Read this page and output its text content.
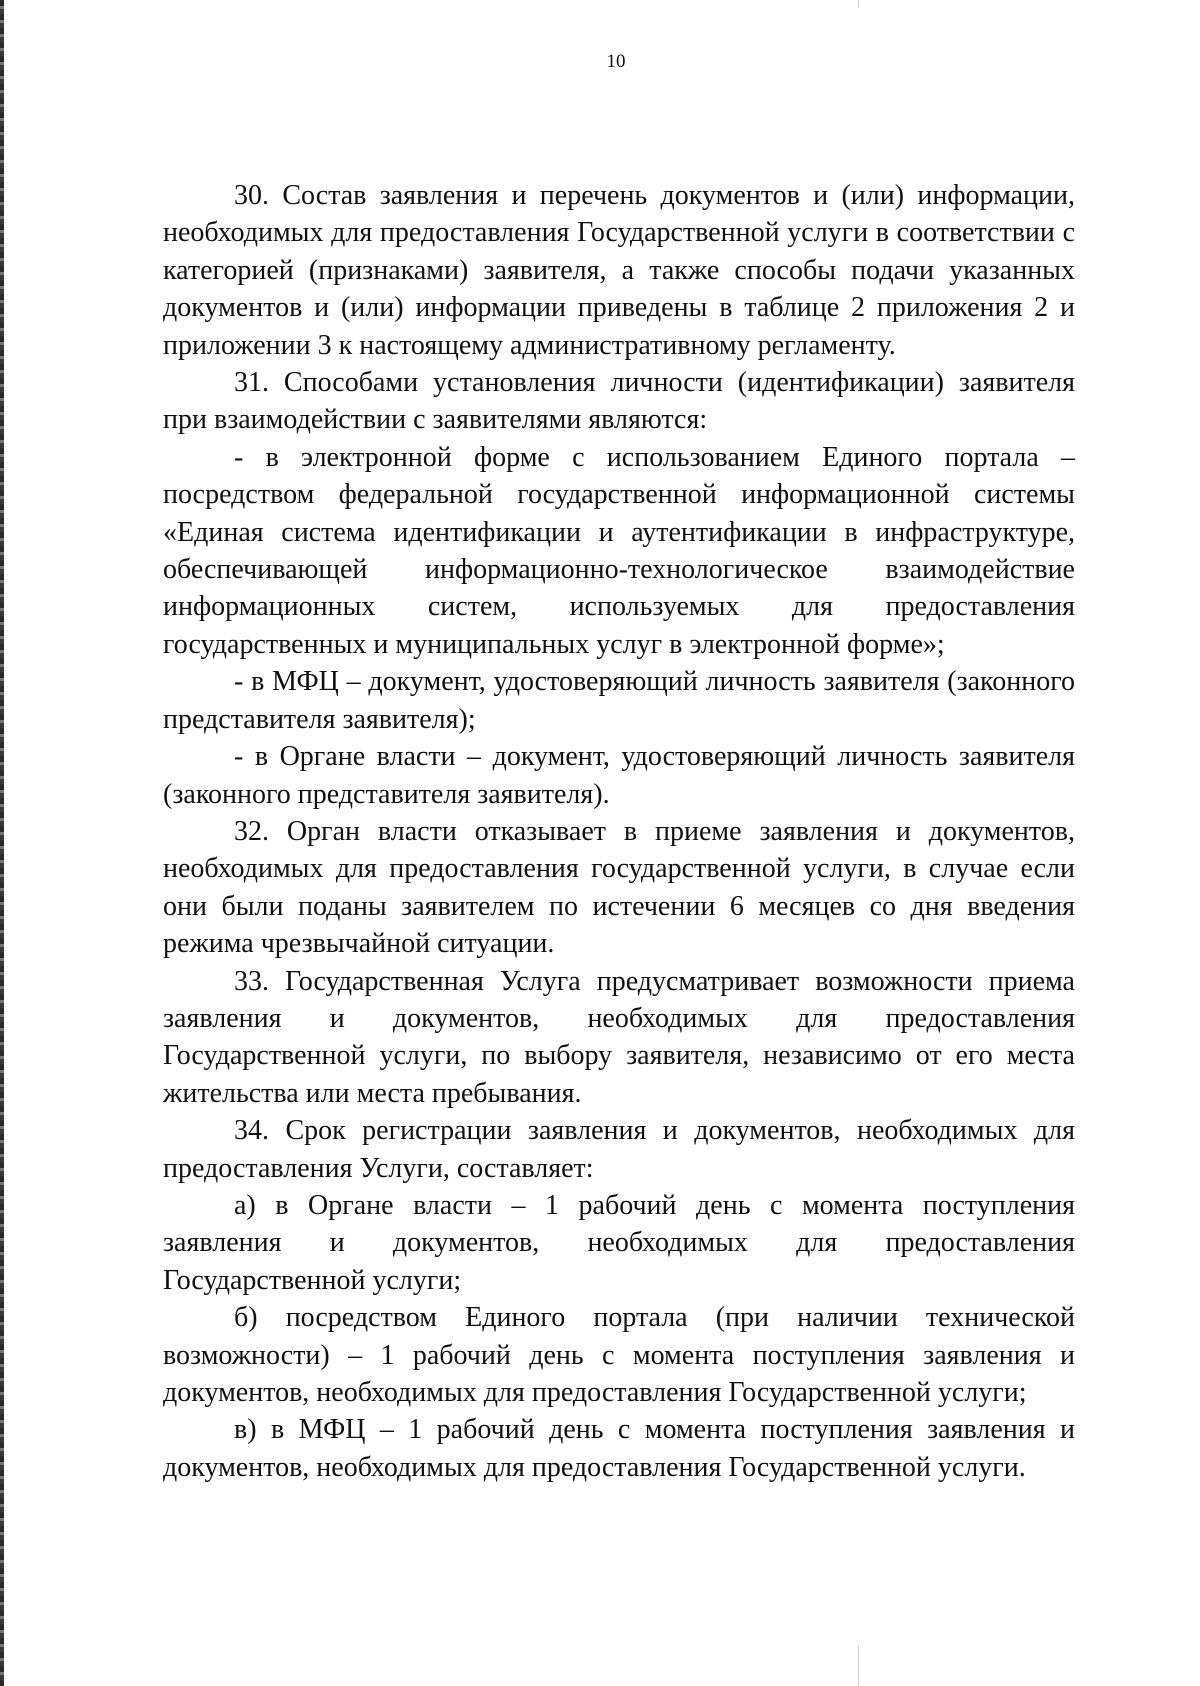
10

30. Состав заявления и перечень документов и (или) информации, необходимых для предоставления Государственной услуги в соответствии с категорией (признаками) заявителя, а также способы подачи указанных документов и (или) информации приведены в таблице 2 приложения 2 и приложении 3 к настоящему административному регламенту.

31. Способами установления личности (идентификации) заявителя при взаимодействии с заявителями являются:

- в электронной форме с использованием Единого портала – посредством федеральной государственной информационной системы «Единая система идентификации и аутентификации в инфраструктуре, обеспечивающей информационно-технологическое взаимодействие информационных систем, используемых для предоставления государственных и муниципальных услуг в электронной форме»;

- в МФЦ – документ, удостоверяющий личность заявителя (законного представителя заявителя);

- в Органе власти – документ, удостоверяющий личность заявителя (законного представителя заявителя).

32. Орган власти отказывает в приеме заявления и документов, необходимых для предоставления государственной услуги, в случае если они были поданы заявителем по истечении 6 месяцев со дня введения режима чрезвычайной ситуации.

33. Государственная Услуга предусматривает возможности приема заявления и документов, необходимых для предоставления Государственной услуги, по выбору заявителя, независимо от его места жительства или места пребывания.

34. Срок регистрации заявления и документов, необходимых для предоставления Услуги, составляет:

а) в Органе власти – 1 рабочий день с момента поступления заявления и документов, необходимых для предоставления Государственной услуги;

б) посредством Единого портала (при наличии технической возможности) – 1 рабочий день с момента поступления заявления и документов, необходимых для предоставления Государственной услуги;

в) в МФЦ – 1 рабочий день с момента поступления заявления и документов, необходимых для предоставления Государственной услуги.
